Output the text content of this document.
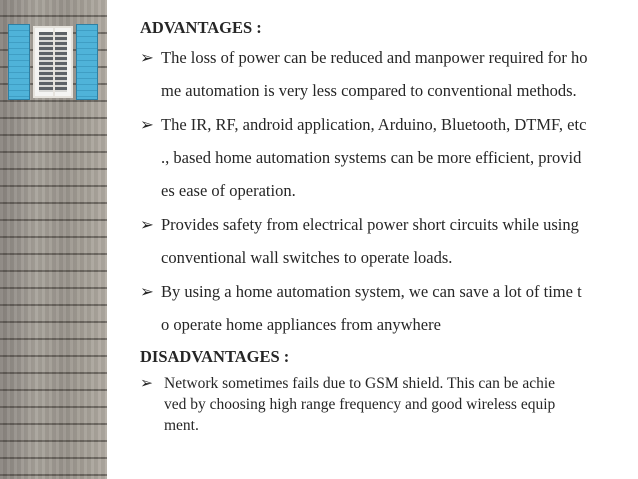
ADVANTAGES :

➢ The loss of power can be reduced and manpower required for ho
me automation is very less compared to conventional methods.
➢ The IR, RF, android application, Arduino, Bluetooth, DTMF, etc
., based home automation systems can be more efficient, provid
es ease of operation.
➢ Provides safety from electrical power short circuits while using
conventional wall switches to operate loads.
➢ By using a home automation system, we can save a lot of time t
o operate home appliances from anywhere

DISADVANTAGES :

➢ Network sometimes fails due to GSM shield. This can be achie
ved by choosing high range frequency and good wireless equip
ment.
